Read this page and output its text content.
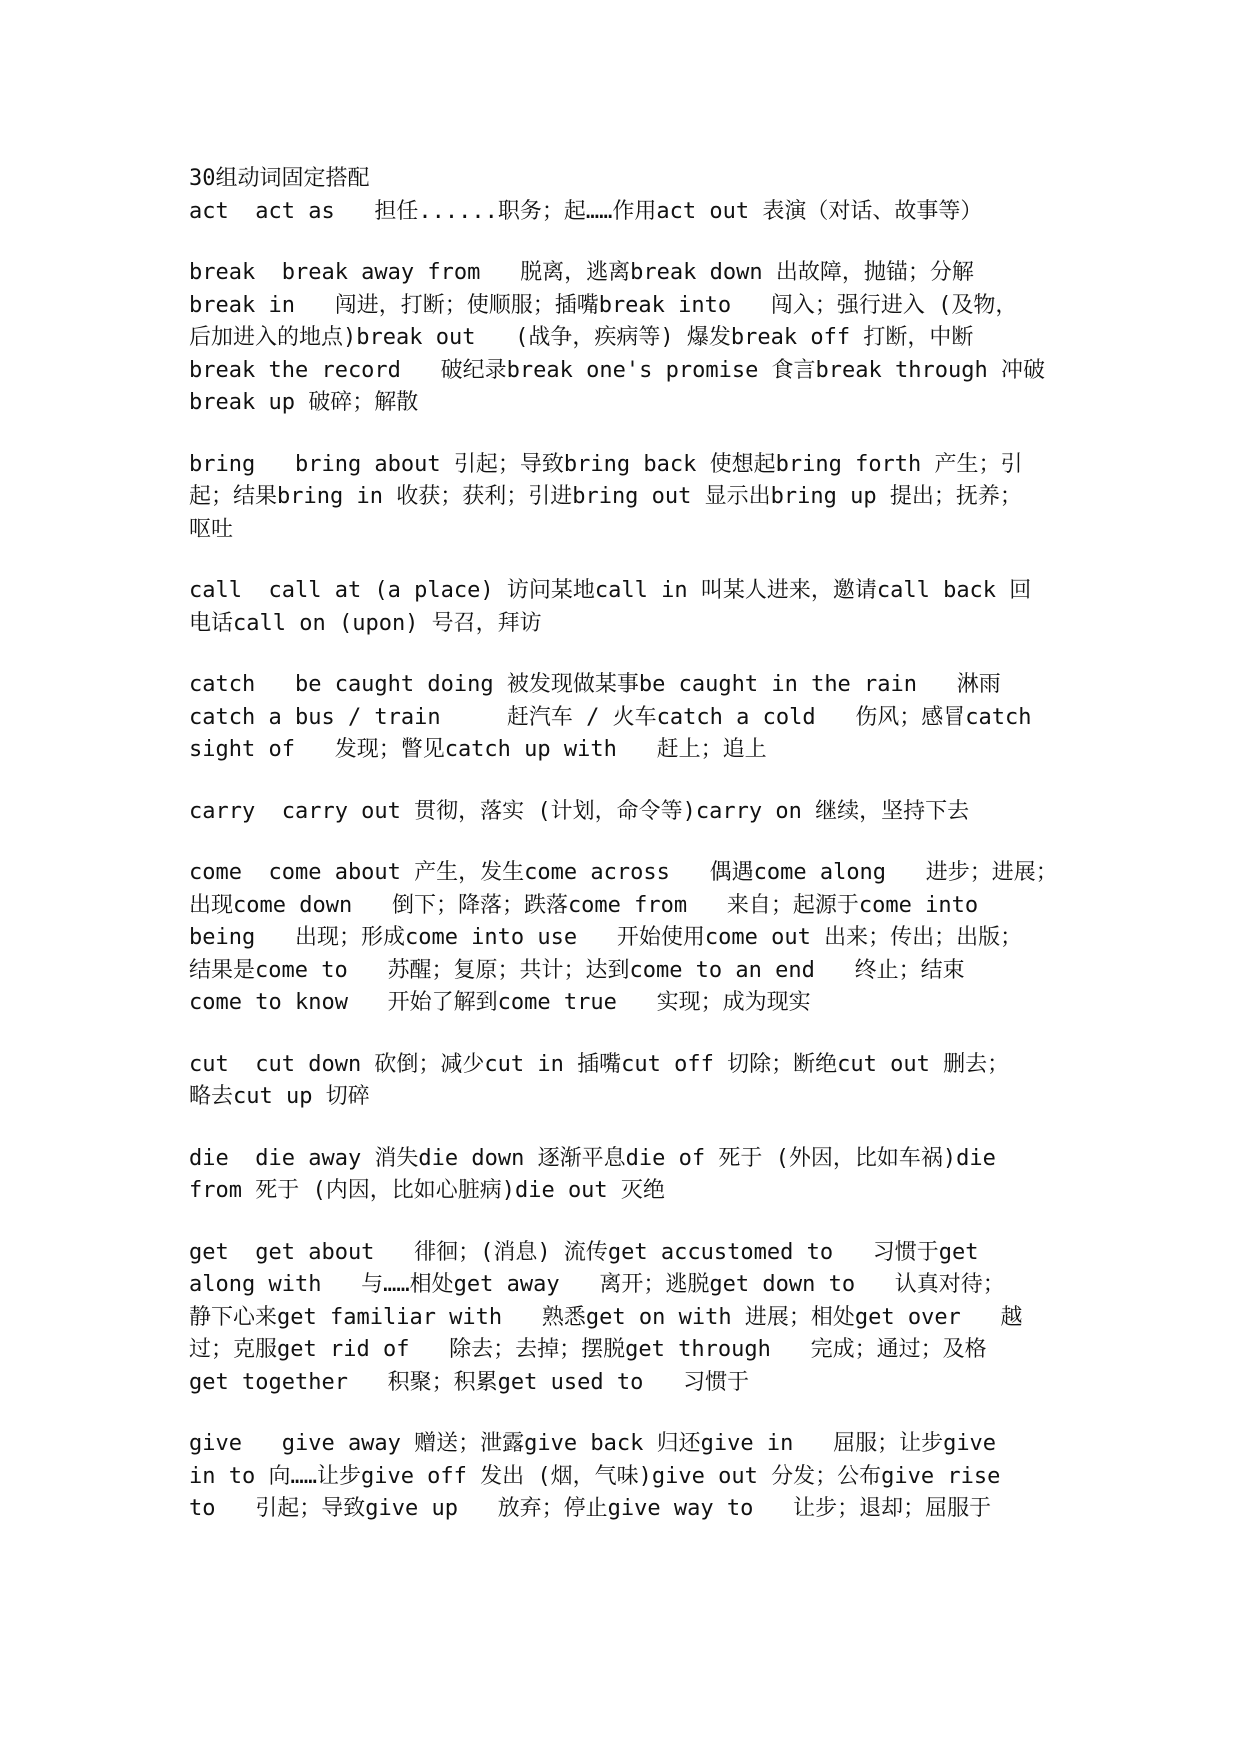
30组动词固定搭配
act  act as   担任......职务；起……作用act out 表演（对话、故事等）
break  break away from   脱离，逃离break down 出故障，抛锚；分解
break in   闯进，打断；使顺服；插嘴break into   闯入；强行进入 (及物，
后加进入的地点)break out   (战争，疾病等) 爆发break off 打断，中断
break the record   破纪录break one's promise 食言break through 冲破
break up 破碎；解散
bring   bring about 引起；导致bring back 使想起bring forth 产生；引
起；结果bring in 收获；获利；引进bring out 显示出bring up 提出；抚养；
呕吐
call  call at (a place) 访问某地call in 叫某人进来，邀请call back 回
电话call on (upon) 号召，拜访
catch   be caught doing 被发现做某事be caught in the rain   淋雨
catch a bus / train     赶汽车 / 火车catch a cold   伤风；感冒catch
sight of   发现；瞥见catch up with   赶上；追上
carry  carry out 贯彻，落实 (计划，命令等)carry on 继续，坚持下去
come  come about 产生，发生come across   偶遇come along   进步；进展；
出现come down   倒下；降落；跌落come from   来自；起源于come into
being   出现；形成come into use   开始使用come out 出来；传出；出版；
结果是come to   苏醒；复原；共计；达到come to an end   终止；结束
come to know   开始了解到come true   实现；成为现实
cut  cut down 砍倒；减少cut in 插嘴cut off 切除；断绝cut out 删去；
略去cut up 切碎
die  die away 消失die down 逐渐平息die of 死于 (外因，比如车祸)die
from 死于 (内因，比如心脏病)die out 灭绝
get  get about   徘徊；(消息) 流传get accustomed to   习惯于get
along with   与……相处get away   离开；逃脱get down to   认真对待；
静下心来get familiar with   熟悉get on with 进展；相处get over   越
过；克服get rid of   除去；去掉；摆脱get through   完成；通过；及格
get together   积聚；积累get used to   习惯于
give   give away 赠送；泄露give back 归还give in   屈服；让步give
in to 向……让步give off 发出 (烟，气味)give out 分发；公布give rise
to   引起；导致give up   放弃；停止give way to   让步；退却；屈服于
